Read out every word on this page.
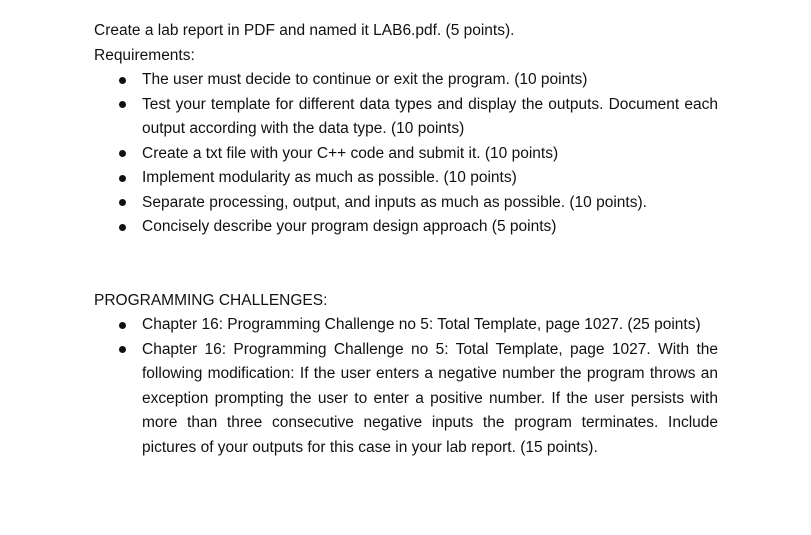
Create a lab report in PDF and named it LAB6.pdf. (5 points).

Requirements:

The user must decide to continue or exit the program. (10 points)
Test your template for different data types and display the outputs. Document each output according with the data type. (10 points)
Create a txt file with your C++ code and submit it. (10 points)
Implement modularity as much as possible. (10 points)
Separate processing, output, and inputs as much as possible. (10 points).
Concisely describe your program design approach (5 points)

PROGRAMMING CHALLENGES:

Chapter 16: Programming Challenge no 5: Total Template, page 1027. (25 points)
Chapter 16: Programming Challenge no 5: Total Template, page 1027. With the following modification: If the user enters a negative number the program throws an exception prompting the user to enter a positive number. If the user persists with more than three consecutive negative inputs the program terminates. Include pictures of your outputs for this case in your lab report. (15 points).
